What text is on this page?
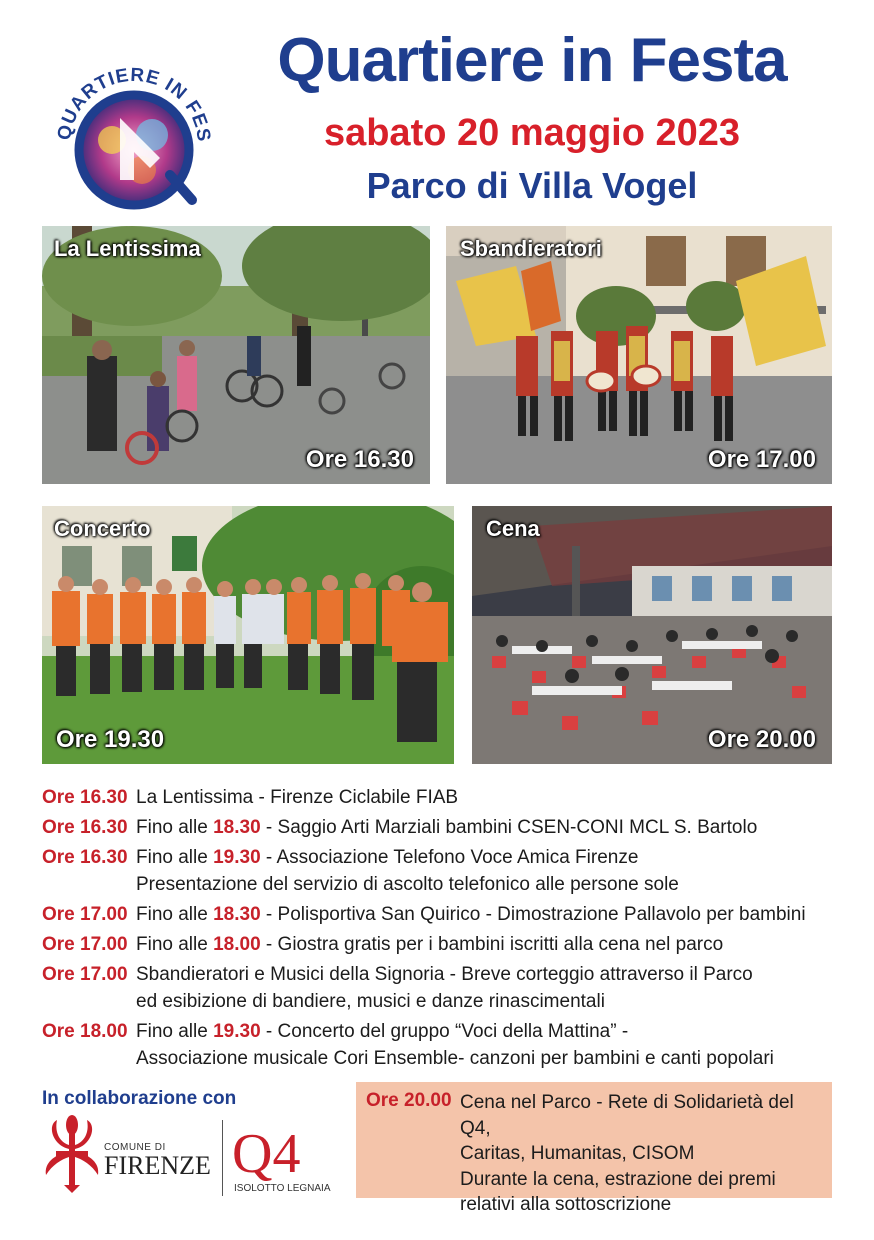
QUARTIERE IN FES
Quartiere in Festa
sabato 20 maggio 2023
Parco di Villa Vogel
La Lentissima
Ore 16.30
Sbandieratori
Ore 17.00
Concerto
Ore 19.30
Cena
Ore 20.00
Ore 16.30 La Lentissima - Firenze Ciclabile FIAB
Ore 16.30 Fino alle 18.30 - Saggio Arti Marziali bambini CSEN-CONI MCL S. Bartolo
Ore 16.30 Fino alle 19.30 - Associazione Telefono Voce Amica Firenze
Presentazione del servizio di ascolto telefonico alle persone sole
Ore 17.00 Fino alle 18.30 - Polisportiva San Quirico - Dimostrazione Pallavolo per bambini
Ore 17.00 Fino alle 18.00 - Giostra gratis per i bambini iscritti alla cena nel parco
Ore 17.00 Sbandieratori e Musici della Signoria - Breve corteggio attraverso il Parco
ed esibizione di bandiere, musici e danze rinascimentali
Ore 18.00 Fino alle 19.30 - Concerto del gruppo “Voci della Mattina” -
Associazione musicale Cori Ensemble- canzoni per bambini e canti popolari
In collaborazione con
COMUNE DI
FIRENZE Q4
ISOLOTTO LEGNAIA
Ore 20.00 Cena nel Parco - Rete di Solidarietà del Q4,
Caritas, Humanitas, CISOM
Durante la cena, estrazione dei premi
relativi alla sottoscrizione
